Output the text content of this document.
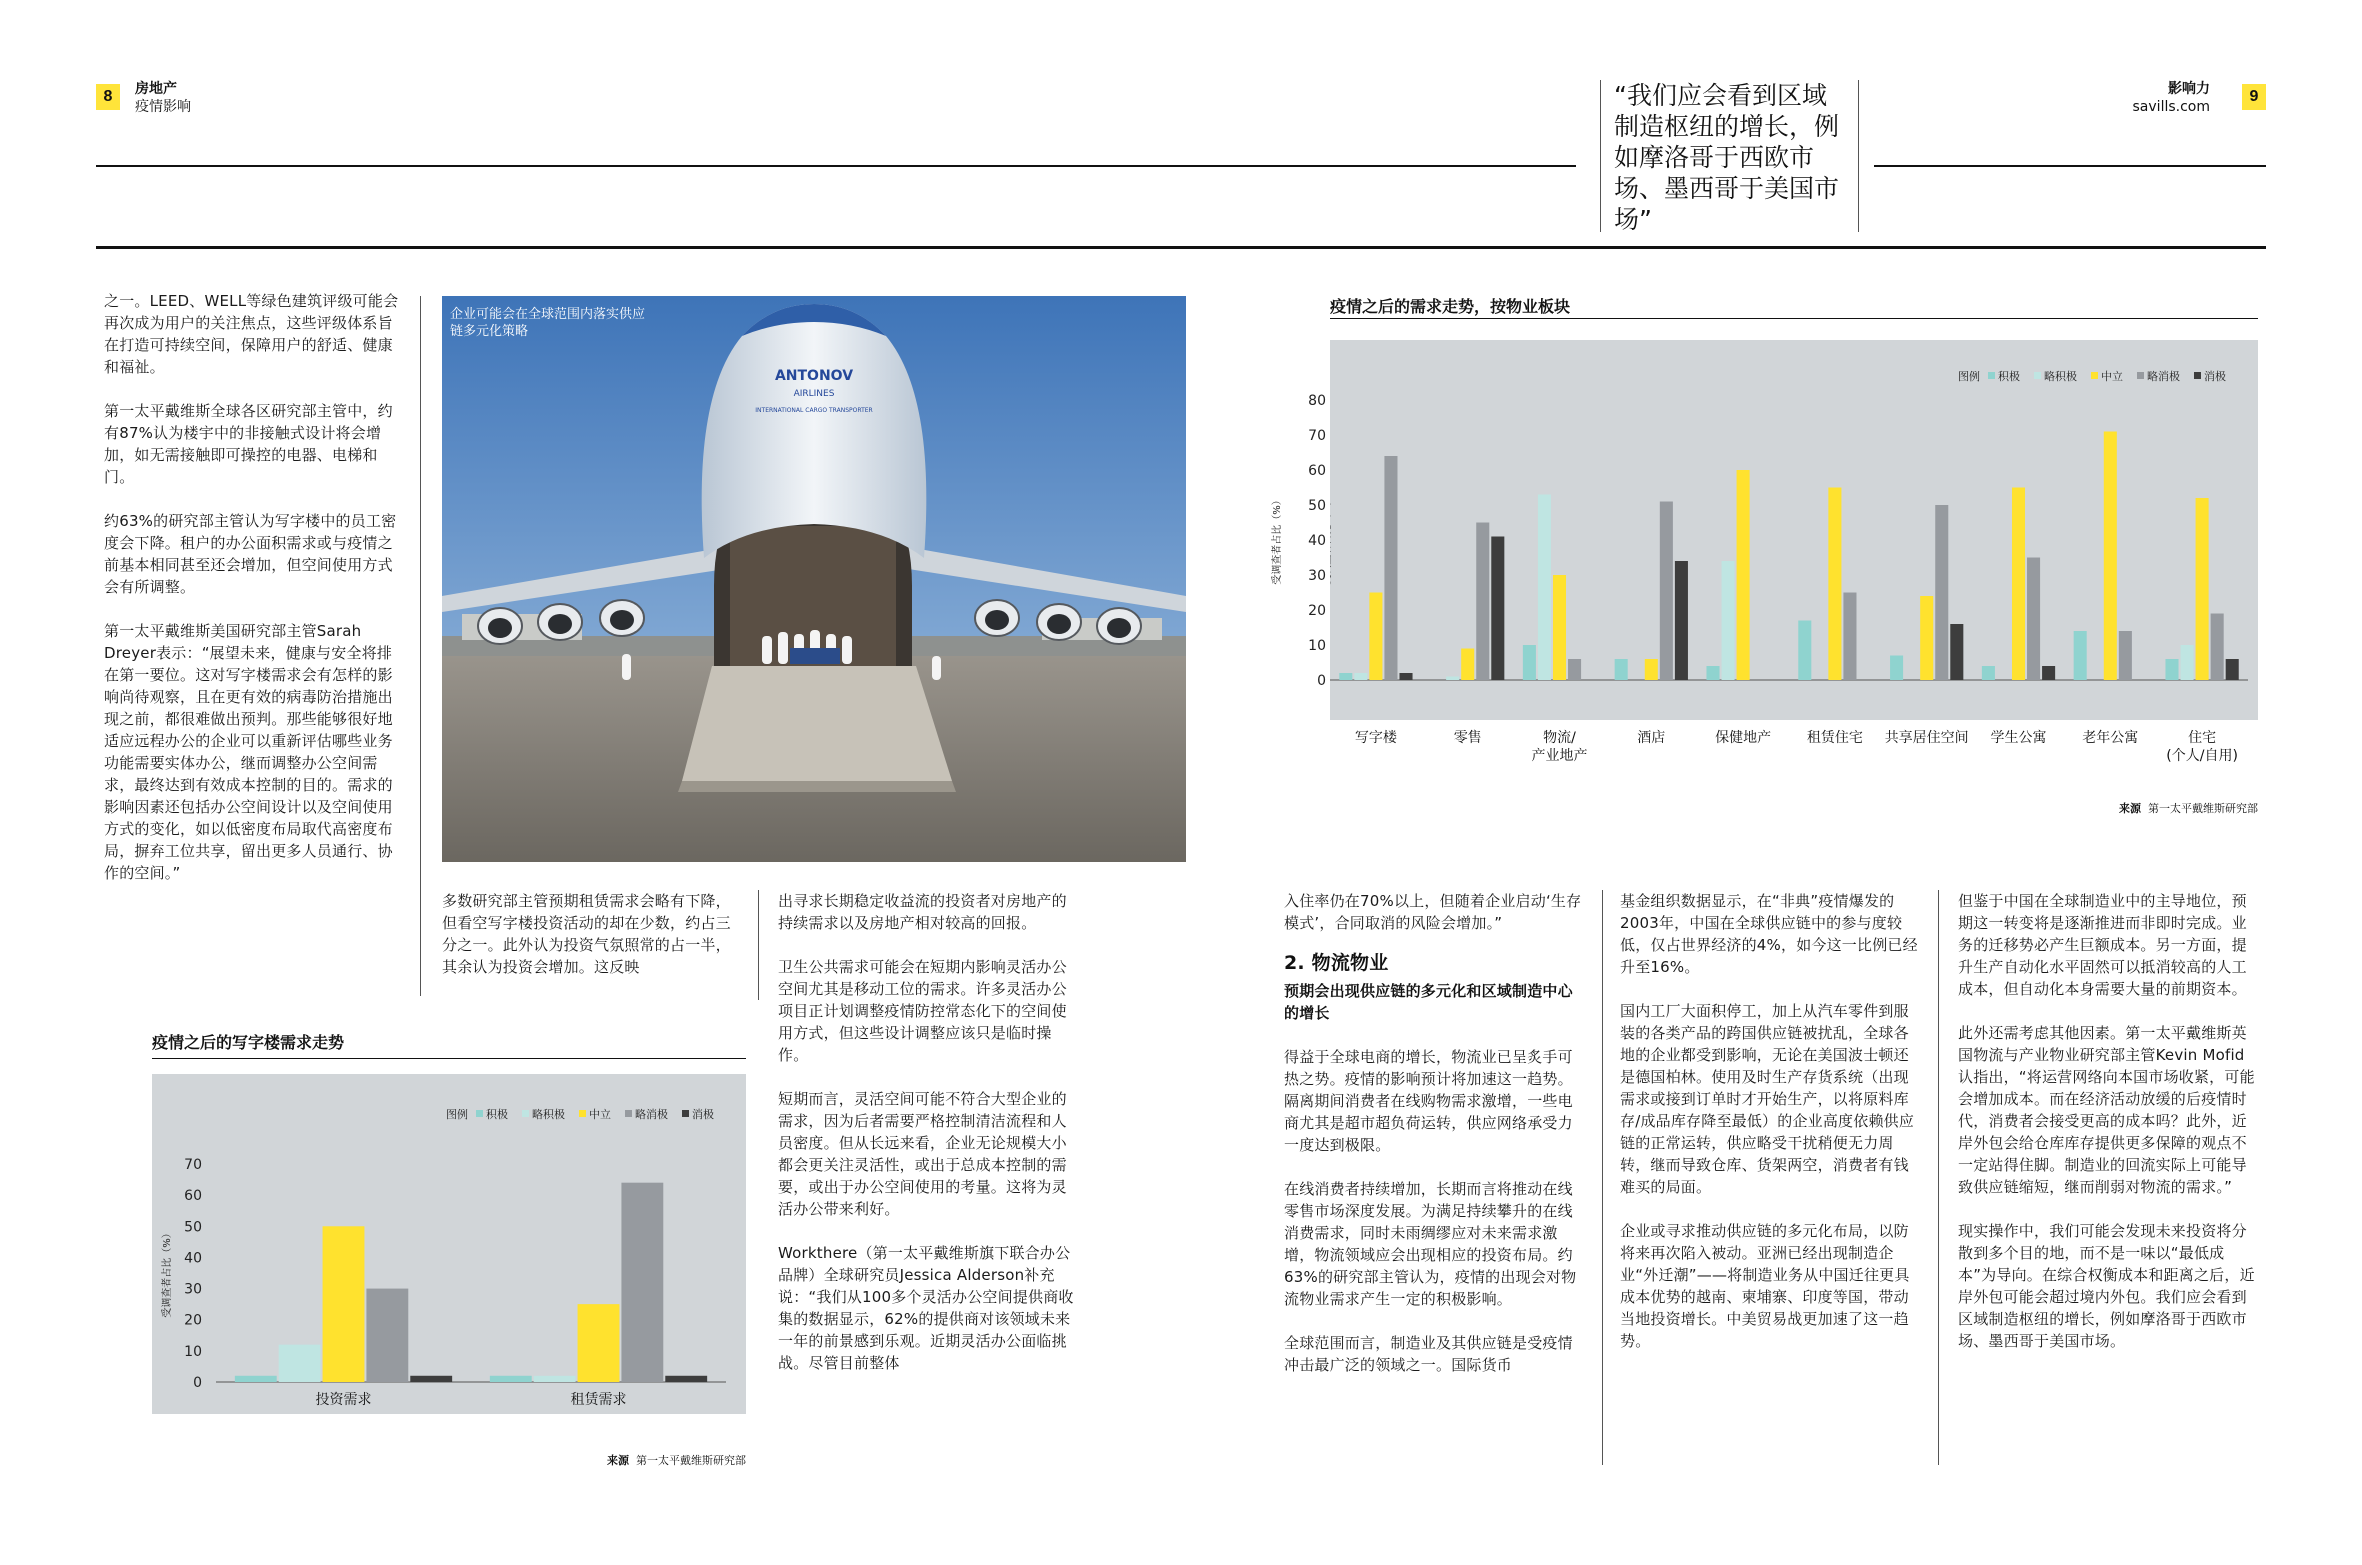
8	房地产
疫情影响
影响力
savills.com
9
“我们应会看到区域制造枢纽的增长，例如摩洛哥于西欧市场、墨西哥于美国市场”

之一。LEED、WELL等绿色建筑评级可能会再次成为用户的关注焦点，这些评级体系旨在打造可持续空间，保障用户的舒适、健康和福祉。

第一太平戴维斯全球各区研究部主管中，约有87%认为楼宇中的非接触式设计将会增加，如无需接触即可操控的电器、电梯和门。

约63%的研究部主管认为写字楼中的员工密度会下降。租户的办公面积需求或与疫情之前基本相同甚至还会增加，但空间使用方式会有所调整。

第一太平戴维斯美国研究部主管Sarah Dreyer表示：“展望未来，健康与安全将排在第一要位。这对写字楼需求会有怎样的影响尚待观察，且在更有效的病毒防治措施出现之前，都很难做出预判。那些能够很好地适应远程办公的企业可以重新评估哪些业务功能需要实体办公，继而调整办公空间需求，最终达到有效成本控制的目的。需求的影响因素还包括办公空间设计以及空间使用方式的变化，如以低密度布局取代高密度布局，摒弃工位共享，留出更多人员通行、协作的空间。”

ANTONOV
AIRLINES
INTERNATIONAL CARGO TRANSPORTER
企业可能会在全球范围内落实供应链多元化策略

多数研究部主管预期租赁需求会略有下降，但看空写字楼投资活动的却在少数，约占三分之一。此外认为投资气氛照常的占一半，其余认为投资会增加。这反映

疫情之后的写字楼需求走势
图例 积极 略积极 中立 略消极 消极
0
10
20
30
40
50
60
70
受调查者占比（%）
投资需求	租赁需求
来源 第一太平戴维斯研究部

出寻求长期稳定收益流的投资者对房地产的持续需求以及房地产相对较高的回报。

卫生公共需求可能会在短期内影响灵活办公空间尤其是移动工位的需求。许多灵活办公项目正计划调整疫情防控常态化下的空间使用方式，但这些设计调整应该只是临时操作。

短期而言，灵活空间可能不符合大型企业的需求，因为后者需要严格控制清洁流程和人员密度。但从长远来看，企业无论规模大小都会更关注灵活性，或出于总成本控制的需要，或出于办公空间使用的考量。这将为灵活办公带来利好。

Workthere（第一太平戴维斯旗下联合办公品牌）全球研究员Jessica Alderson补充说：“我们从100多个灵活办公空间提供商收集的数据显示，62%的提供商对该领域未来一年的前景感到乐观。近期灵活办公面临挑战。尽管目前整体

疫情之后的需求走势，按物业板块
图例 积极 略积极 中立 略消极 消极
受调查者占比（%）
写字楼	零售	物流/
产业地产
酒店	保健地产	租赁住宅 共享居住空间 学生公寓	老年公寓	住宅
(个人/自用)
来源 第一太平戴维斯研究部

入住率仍在70%以上，但随着企业启动‘生存模式’，合同取消的风险会增加。”

2. 物流物业
预期会出现供应链的多元化和区域制造中心的增长

得益于全球电商的增长，物流业已呈炙手可热之势。疫情的影响预计将加速这一趋势。隔离期间消费者在线购物需求激增，一些电商尤其是超市超负荷运转，供应网络承受力一度达到极限。

在线消费者持续增加，长期而言将推动在线零售市场深度发展。为满足持续攀升的在线消费需求，同时未雨绸缪应对未来需求激增，物流领域应会出现相应的投资布局。约63%的研究部主管认为，疫情的出现会对物流物业需求产生一定的积极影响。

全球范围而言，制造业及其供应链是受疫情冲击最广泛的领域之一。国际货币

基金组织数据显示，在“非典”疫情爆发的2003年，中国在全球供应链中的参与度较低，仅占世界经济的4%，如今这一比例已经升至16%。

国内工厂大面积停工，加上从汽车零件到服装的各类产品的跨国供应链被扰乱，全球各地的企业都受到影响，无论在美国波士顿还是德国柏林。使用及时生产存货系统（出现需求或接到订单时才开始生产，以将原料库存/成品库存降至最低）的企业高度依赖供应链的正常运转，供应略受干扰稍便无力周转，继而导致仓库、货架两空，消费者有钱难买的局面。

企业或寻求推动供应链的多元化布局，以防将来再次陷入被动。亚洲已经出现制造企业“外迁潮”——将制造业务从中国迁往更具成本优势的越南、柬埔寨、印度等国，带动当地投资增长。中美贸易战更加速了这一趋势。

但鉴于中国在全球制造业中的主导地位，预期这一转变将是逐渐推进而非即时完成。业务的迁移势必产生巨额成本。另一方面，提升生产自动化水平固然可以抵消较高的人工成本，但自动化本身需要大量的前期资本。

此外还需考虑其他因素。第一太平戴维斯英国物流与产业物业研究部主管Kevin Mofid认指出，“将运营网络向本国市场收紧，可能会增加成本。而在经济活动放缓的后疫情时代，消费者会接受更高的成本吗？此外，近岸外包会给仓库库存提供更多保障的观点不一定站得住脚。制造业的回流实际上可能导致供应链缩短，继而削弱对物流的需求。”

现实操作中，我们可能会发现未来投资将分散到多个目的地，而不是一味以“最低成本”为导向。在综合权衡成本和距离之后，近岸外包可能会超过境内外包。我们应会看到区域制造枢纽的增长，例如摩洛哥于西欧市场、墨西哥于美国市场。

0
10
20
30
40
50
60
70
80
受调查者占比（%）
